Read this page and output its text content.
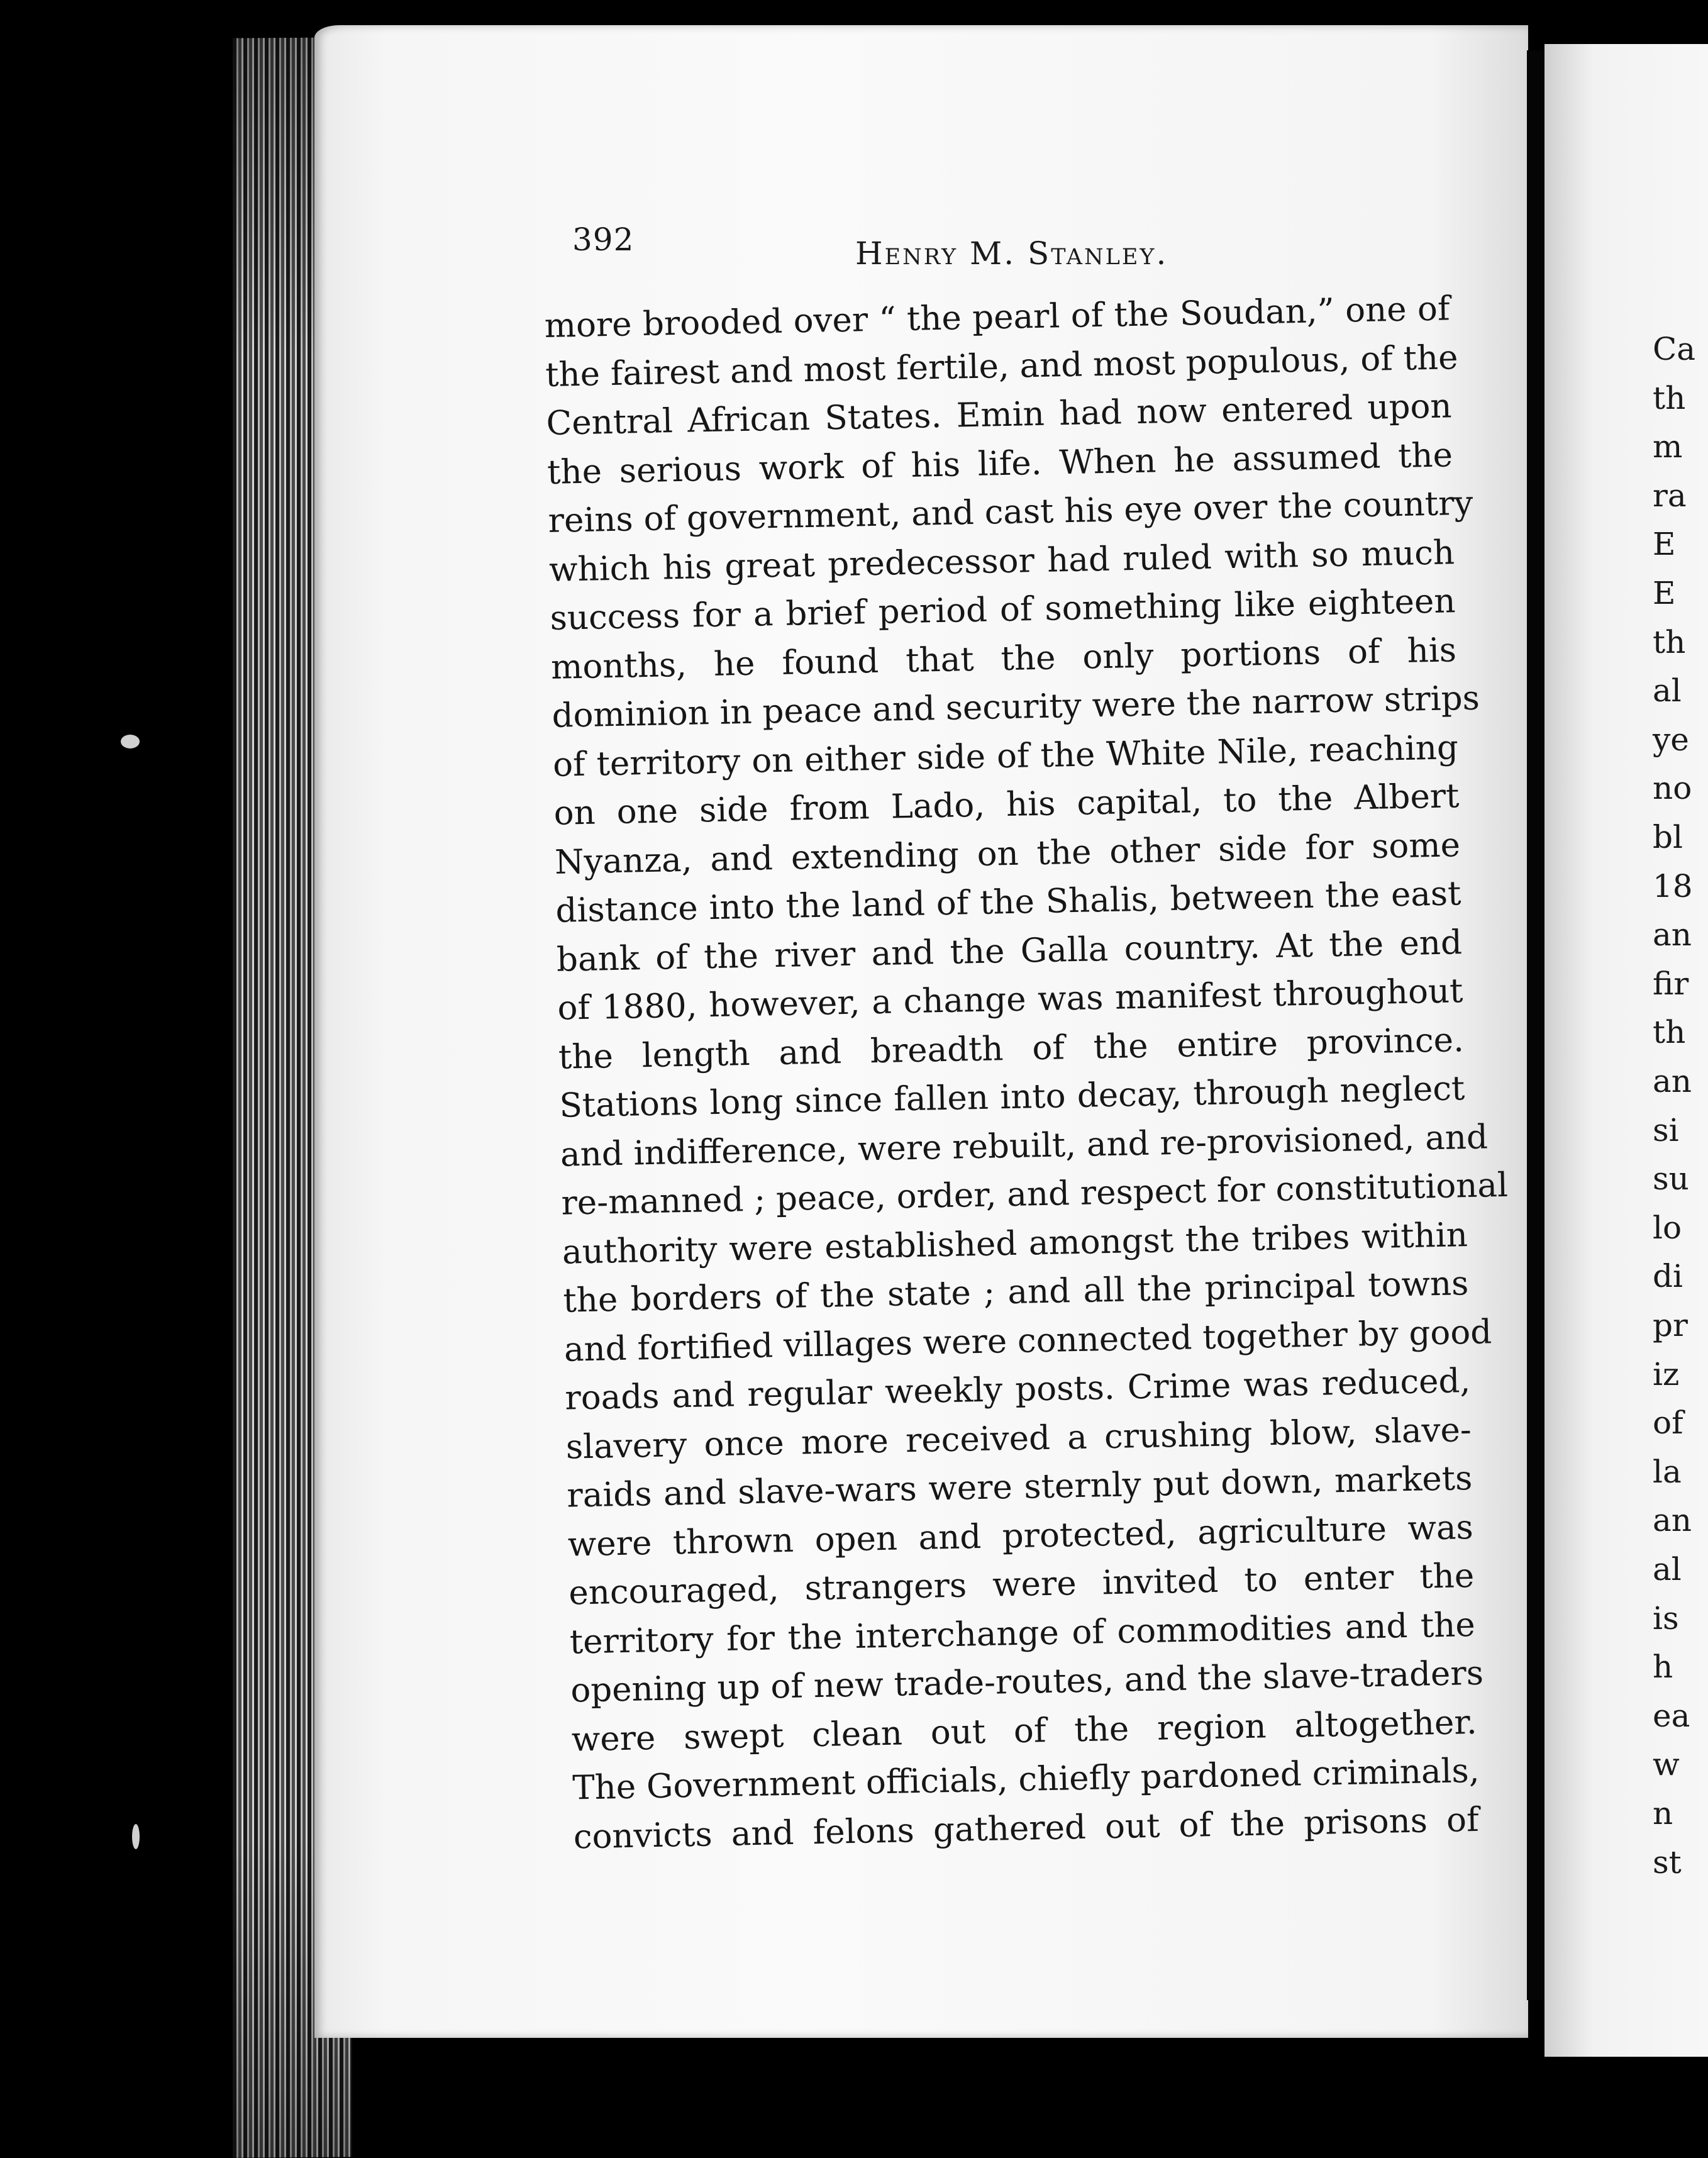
Ca
th
m
ra
E
E
th
al
ye
no
bl
18
an
fir
th
an
si
su
lo
di
pr
iz
of
la
an
al
is
h
ea
w
n
st
392	Henry M. Stanley.
more brooded over “ the pearl of the Soudan,” one of
the fairest and most fertile, and most populous, of the
Central African States. Emin had now entered upon
the serious work of his life. When he assumed the
reins of government, and cast his eye over the country
which his great predecessor had ruled with so much
success for a brief period of something like eighteen
months, he found that the only portions of his
dominion in peace and security were the narrow strips
of territory on either side of the White Nile, reaching
on one side from Lado, his capital, to the Albert
Nyanza, and extending on the other side for some
distance into the land of the Shalis, between the east
bank of the river and the Galla country. At the end
of 1880, however, a change was manifest throughout
the length and breadth of the entire province.
Stations long since fallen into decay, through neglect
and indifference, were rebuilt, and re-provisioned, and
re-manned ; peace, order, and respect for constitutional
authority were established amongst the tribes within
the borders of the state ; and all the principal towns
and fortified villages were connected together by good
roads and regular weekly posts. Crime was reduced,
slavery once more received a crushing blow, slave-
raids and slave-wars were sternly put down, markets
were thrown open and protected, agriculture was
encouraged, strangers were invited to enter the
territory for the interchange of commodities and the
opening up of new trade-routes, and the slave-traders
were swept clean out of the region altogether.
The Government officials, chiefly pardoned criminals,
convicts and felons gathered out of the prisons of
